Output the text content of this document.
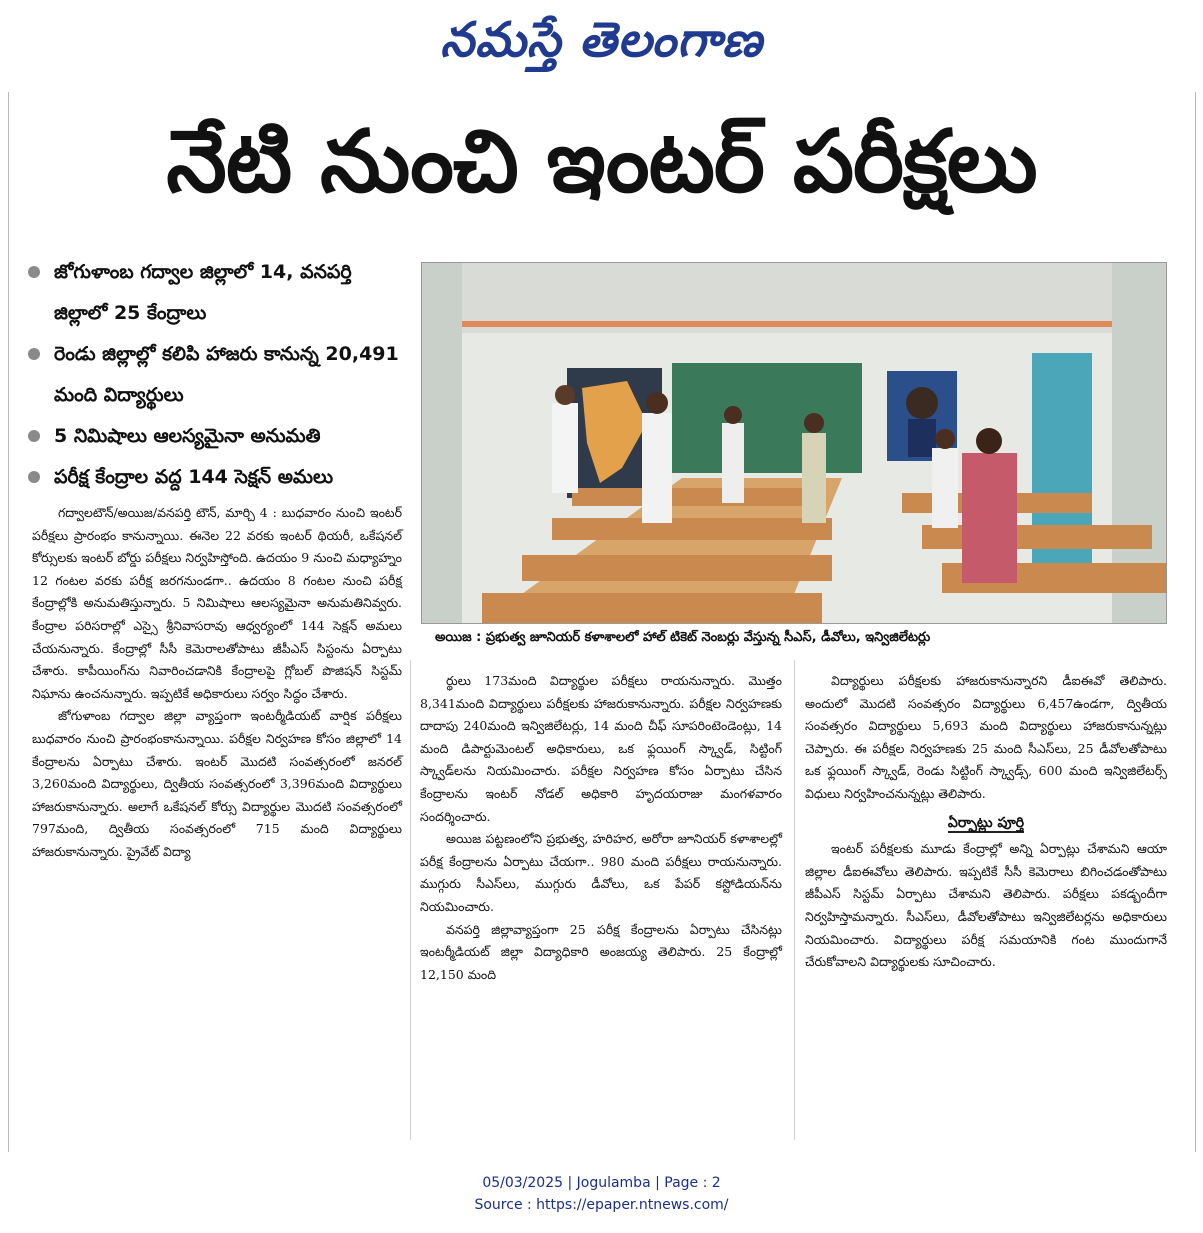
నమస్తే తెలంగాణ
నేటి నుంచి ఇంటర్ పరీక్షలు
జోగుళాంబ గద్వాల జిల్లాలో 14, వనపర్తి జిల్లాలో 25 కేంద్రాలు
రెండు జిల్లాల్లో కలిపి హాజరు కానున్న 20,491 మంది విద్యార్థులు
5 నిమిషాలు ఆలస్యమైనా అనుమతి
పరీక్ష కేంద్రాల వద్ద 144 సెక్షన్ అమలు
అయిజ : ప్రభుత్వ జూనియర్ కళాశాలలో హాల్ టికెట్ నెంబర్లు వేస్తున్న సీఎస్, డీవోలు, ఇన్విజిలేటర్లు

గద్వాలటౌన్/అయిజ/వనపర్తి టౌన్, మార్చి 4 : బుధవారం నుంచి ఇంటర్ పరీక్షలు ప్రారంభం కానున్నాయి. ఈనెల 22 వరకు ఇంటర్ థియరీ, ఒకేషనల్ కోర్సులకు ఇంటర్ బోర్డు పరీక్షలు నిర్వహిస్తోంది. ఉదయం 9 నుంచి మధ్యాహ్నం 12 గంటల వరకు పరీక్ష జరగనుండగా.. ఉదయం 8 గంటల నుంచి పరీక్ష కేంద్రాల్లోకి అనుమతిస్తున్నారు. 5 నిమిషాలు ఆలస్యమైనా అనుమతినివ్వరు. కేంద్రాల పరిసరాల్లో ఎస్సై శ్రీనివాసరావు ఆధ్వర్యంలో 144 సెక్షన్ అమలు చేయనున్నారు. కేంద్రాల్లో సీసీ కెమెరాలతోపాటు జీపీఎస్ సిస్టంను ఏర్పాటు చేశారు. కాపీయింగ్‌ను నివారించడానికి కేంద్రాలపై గ్లోబల్ పొజిషన్ సిస్టమ్ నిఘాను ఉంచనున్నారు. ఇప్పటికే అధికారులు సర్వం సిద్ధం చేశారు.

జోగుళాంబ గద్వాల జిల్లా వ్యాప్తంగా ఇంటర్మీడియట్ వార్షిక పరీక్షలు బుధవారం నుంచి ప్రారంభంకానున్నాయి. పరీక్షల నిర్వహణ కోసం జిల్లాలో 14 కేంద్రాలను ఏర్పాటు చేశారు. ఇంటర్ మొదటి సంవత్సరంలో జనరల్ 3,260మంది విద్యార్థులు, ద్వితీయ సంవత్సరంలో 3,396మంది విద్యార్థులు హాజరుకానున్నారు. అలాగే ఒకేషనల్ కోర్సు విద్యార్థుల మొదటి సంవత్సరంలో 797మంది, ద్వితీయ సంవత్సరంలో 715 మంది విద్యార్థులు హాజరుకానున్నారు. ప్రైవేట్ విద్యా

ర్థులు 173మంది విద్యార్థుల పరీక్షలు రాయనున్నారు. మొత్తం 8,341మంది విద్యార్థులు పరీక్షలకు హాజరుకానున్నారు. పరీక్షల నిర్వహణకు దాదాపు 240మంది ఇన్విజిలేటర్లు, 14 మంది చీఫ్ సూపరింటెండెంట్లు, 14 మంది డిపార్టుమెంటల్ అధికారులు, ఒక ఫ్లయింగ్ స్క్వాడ్, సిట్టింగ్ స్క్వాడ్‌లను నియమించారు. పరీక్షల నిర్వహణ కోసం ఏర్పాటు చేసిన కేంద్రాలను ఇంటర్ నోడల్ అధికారి హృదయరాజు మంగళవారం సందర్శించారు.

అయిజ పట్టణంలోని ప్రభుత్వ, హరిహర, అరోరా జూనియర్ కళాశాలల్లో పరీక్ష కేంద్రాలను ఏర్పాటు చేయగా.. 980 మంది పరీక్షలు రాయనున్నారు. ముగ్గురు సీఎస్‌లు, ముగ్గురు డీవోలు, ఒక పేపర్ కస్టోడియన్‌ను నియమించారు.

వనపర్తి జిల్లావ్యాప్తంగా 25 పరీక్ష కేంద్రాలను ఏర్పాటు చేసినట్లు ఇంటర్మీడియట్ జిల్లా విద్యాధికారి అంజయ్య తెలిపారు. 25 కేంద్రాల్లో 12,150 మంది

విద్యార్థులు పరీక్షలకు హాజరుకానున్నారని డీఐఈవో తెలిపారు. అందులో మొదటి సంవత్సరం విద్యార్థులు 6,457ఉండగా, ద్వితీయ సంవత్సరం విద్యార్థులు 5,693 మంది విద్యార్థులు హాజరుకానున్నట్లు చెప్పారు. ఈ పరీక్షల నిర్వహణకు 25 మంది సీఎస్‌లు, 25 డీవోలతోపాటు ఒక ఫ్లయింగ్ స్క్వాడ్, రెండు సిట్టింగ్ స్క్వాడ్స్, 600 మంది ఇన్విజిలేటర్స్ విధులు నిర్వహించనున్నట్లు తెలిపారు.

ఏర్పాట్లు పూర్తి

ఇంటర్ పరీక్షలకు మూడు కేంద్రాల్లో అన్ని ఏర్పాట్లు చేశామని ఆయా జిల్లాల డీఐఈవోలు తెలిపారు. ఇప్పటికే సీసీ కెమెరాలు బిగించడంతోపాటు జీపీఎస్ సిస్టమ్ ఏర్పాటు చేశామని తెలిపారు. పరీక్షలు పకడ్బందీగా నిర్వహిస్తామన్నారు. సీఎస్‌లు, డీవోలతోపాటు ఇన్విజిలేటర్లను అధికారులు నియమించారు. విద్యార్థులు పరీక్ష సమయానికి గంట ముందుగానే చేరుకోవాలని విద్యార్థులకు సూచించారు.

05/03/2025 | Jogulamba | Page : 2
Source : https://epaper.ntnews.com/
